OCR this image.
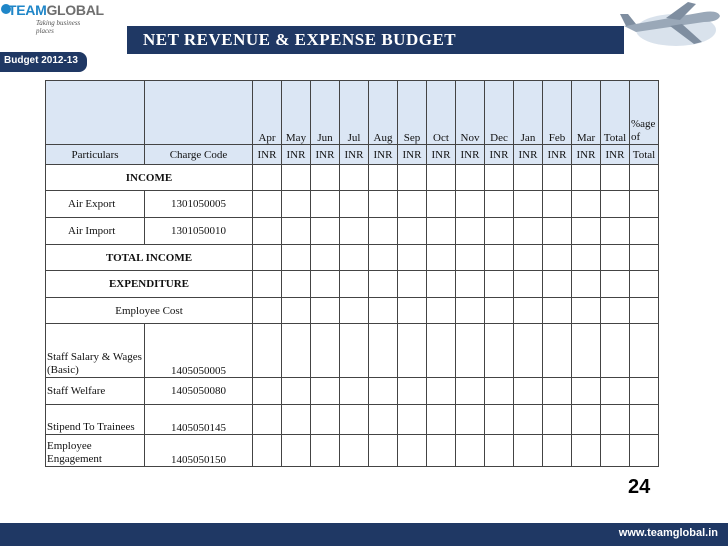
TEAMGLOBAL
Taking business places	NET REVENUE & EXPENSE BUDGET
Budget 2012-13
		Apr	May	Jun	Jul	Aug	Sep	Oct	Nov	Dec	Jan	Feb	Mar	Total	%age of
Particulars	Charge Code	INR	INR	INR	INR	INR	INR	INR	INR	INR	INR	INR	INR	INR	Total
INCOME															
Air Export	1301050005														
Air Import	1301050010														
TOTAL INCOME															
EXPENDITURE															
Employee Cost															
Staff Salary & Wages (Basic)	1405050005														
Staff Welfare	1405050080														
Stipend To Trainees	1405050145														
Employee Engagement	1405050150														
24
www.teamglobal.in
